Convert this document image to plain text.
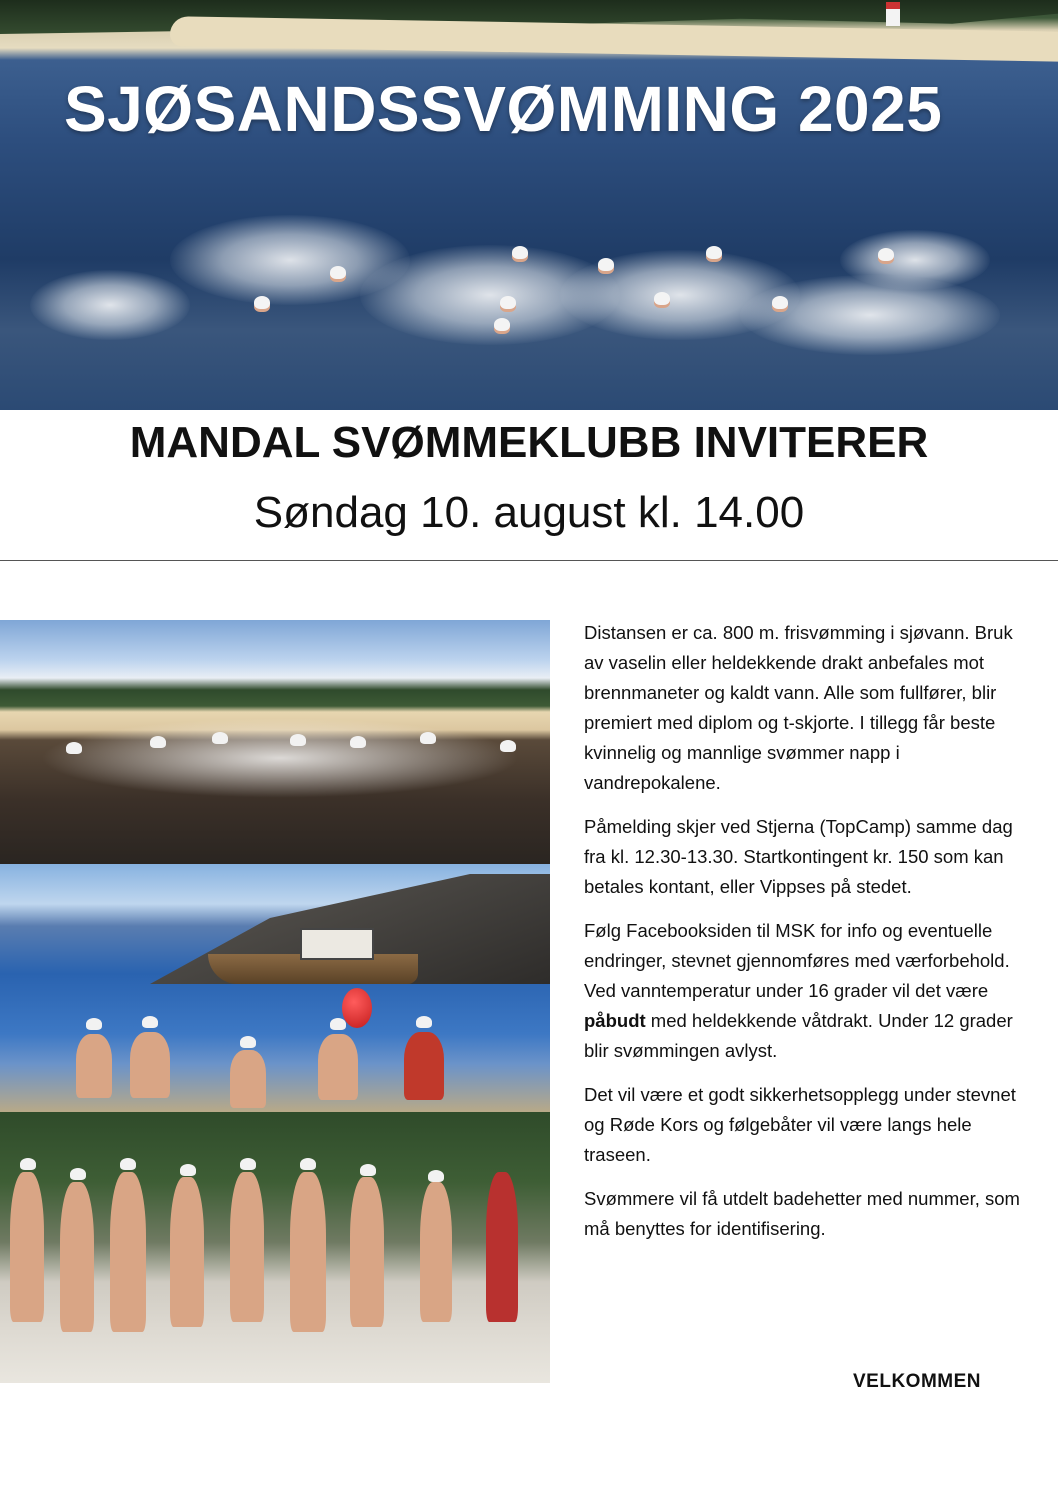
SJØSANDSSVØMMING 2025
MANDAL SVØMMEKLUBB INVITERER
Søndag 10. august kl. 14.00

Distansen er ca. 800 m. frisvømming i sjøvann. Bruk av vaselin eller heldekkende drakt anbefales mot brennmaneter og kaldt vann. Alle som fullfører, blir premiert med diplom og t-skjorte. I tillegg får beste kvinnelig og mannlige svømmer napp i vandrepokalene.

Påmelding skjer ved Stjerna (TopCamp) samme dag fra kl. 12.30-13.30. Startkontingent kr. 150 som kan betales kontant, eller Vippses på stedet.

Følg Facebooksiden til MSK for info og eventuelle endringer, stevnet gjennomføres med værforbehold. Ved vanntemperatur under 16 grader vil det være påbudt med heldekkende våtdrakt. Under 12 grader blir svømmingen avlyst.

Det vil være et godt sikkerhetsopplegg under stevnet og Røde Kors og følgebåter vil være langs hele traseen.

Svømmere vil få utdelt badehetter med nummer, som må benyttes for identifisering.

VELKOMMEN
